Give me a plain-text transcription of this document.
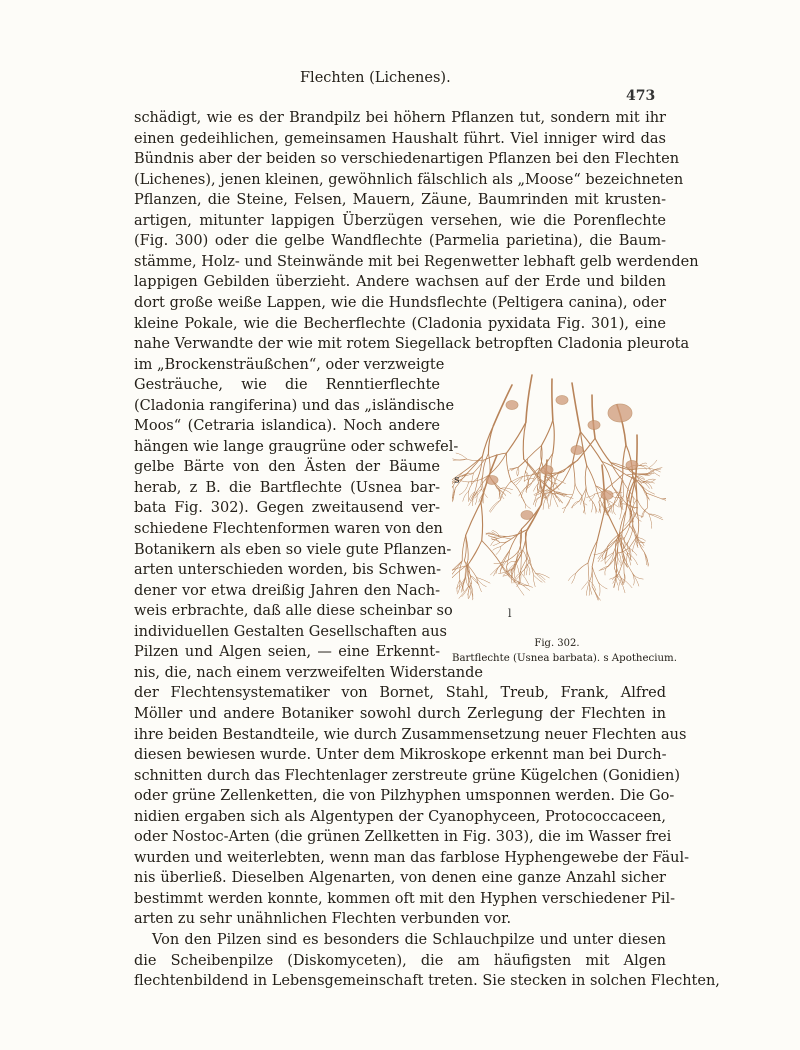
Flechten (Lichenes).
473
schädigt, wie es der Brandpilz bei höhern Pflanzen tut, sondern mit ihr
einen gedeihlichen, gemeinsamen Haushalt führt. Viel inniger wird das
Bündnis aber der beiden so verschiedenartigen Pflanzen bei den Flechten
(Lichenes), jenen kleinen, gewöhnlich fälschlich als „Moose“ bezeichneten
Pflanzen, die Steine, Felsen, Mauern, Zäune, Baumrinden mit krusten-
artigen, mitunter lappigen Überzügen versehen, wie die Porenflechte
(Fig. 300) oder die gelbe Wandflechte (Parmelia parietina), die Baum-
stämme, Holz- und Steinwände mit bei Regenwetter lebhaft gelb werdenden
lappigen Gebilden überzieht. Andere wachsen auf der Erde und bilden
dort große weiße Lappen, wie die Hundsflechte (Peltigera canina), oder
kleine Pokale, wie die Becherflechte (Cladonia pyxidata Fig. 301), eine
nahe Verwandte der wie mit rotem Siegellack betropften Cladonia pleurota
im „Brockensträußchen“, oder verzweigte
Gesträuche, wie die Renntierflechte
(Cladonia rangiferina) und das „isländische
Moos“ (Cetraria islandica). Noch andere
hängen wie lange graugrüne oder schwefel-
gelbe Bärte von den Ästen der Bäume
herab, z B. die Bartflechte (Usnea bar-
bata Fig. 302). Gegen zweitausend ver-
schiedene Flechtenformen waren von den
Botanikern als eben so viele gute Pflanzen-
arten unterschieden worden, bis Schwen-
dener vor etwa dreißig Jahren den Nach-
weis erbrachte, daß alle diese scheinbar so
individuellen Gestalten Gesellschaften aus
Pilzen und Algen seien, — eine Erkennt-
nis, die, nach einem verzweifelten Widerstande
der Flechtensystematiker von Bornet, Stahl, Treub, Frank, Alfred
Möller und andere Botaniker sowohl durch Zerlegung der Flechten in
ihre beiden Bestandteile, wie durch Zusammensetzung neuer Flechten aus
diesen bewiesen wurde. Unter dem Mikroskope erkennt man bei Durch-
schnitten durch das Flechtenlager zerstreute grüne Kügelchen (Gonidien)
oder grüne Zellenketten, die von Pilzhyphen umsponnen werden. Die Go-
nidien ergaben sich als Algentypen der Cyanophyceen, Protococcaceen,
oder Nostoc-Arten (die grünen Zellketten in Fig. 303), die im Wasser frei
wurden und weiterlebten, wenn man das farblose Hyphengewebe der Fäul-
nis überließ. Dieselben Algenarten, von denen eine ganze Anzahl sicher
bestimmt werden konnte, kommen oft mit den Hyphen verschiedener Pil-
arten zu sehr unähnlichen Flechten verbunden vor.
Von den Pilzen sind es besonders die Schlauchpilze und unter diesen
die Scheibenpilze (Diskomyceten), die am häufigsten mit Algen
flechtenbildend in Lebensgemeinschaft treten. Sie stecken in solchen Flechten,
s
l
Fig. 302.
Bartflechte (Usnea barbata). s Apothecium.
